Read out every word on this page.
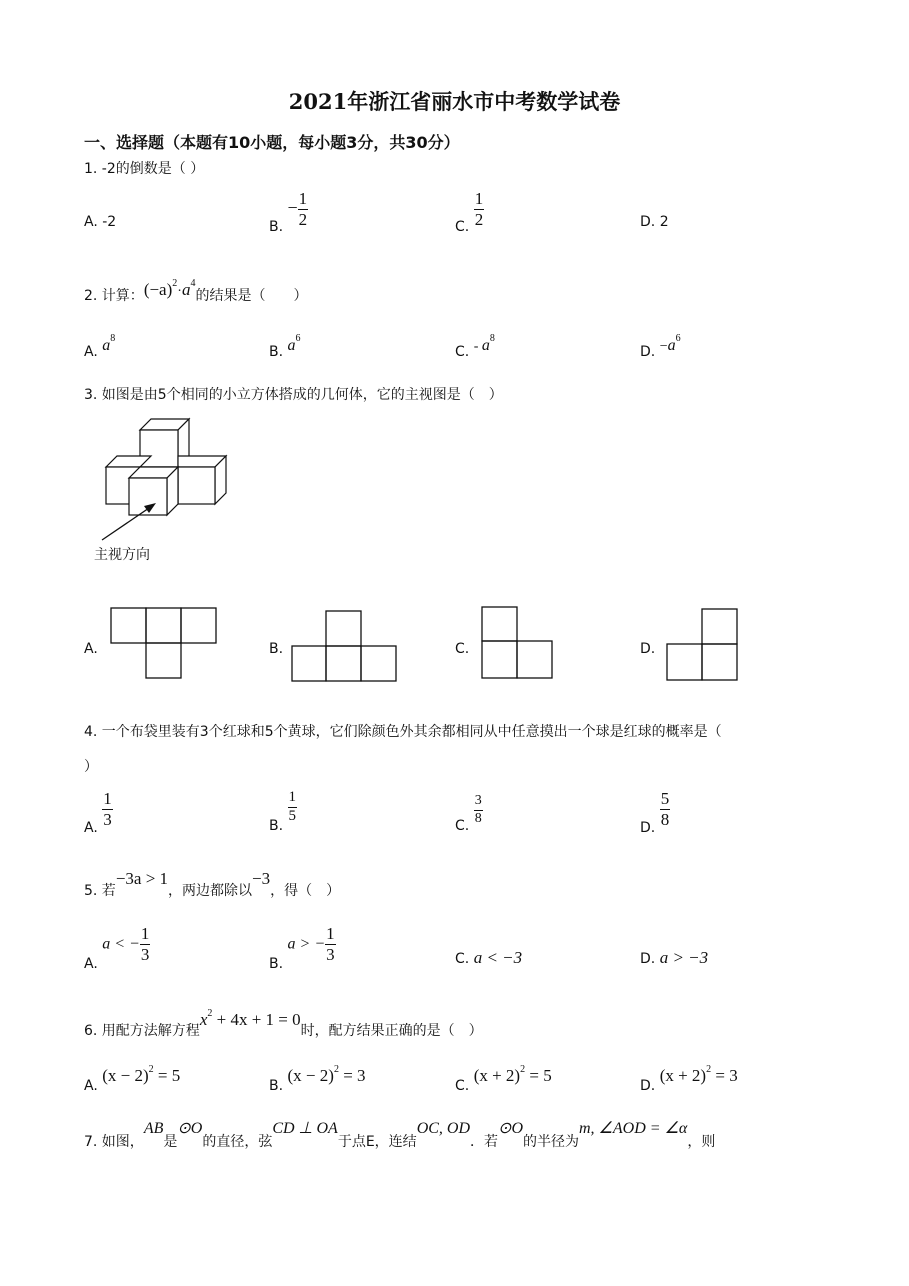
2021年浙江省丽水市中考数学试卷
一、选择题（本题有10小题，每小题3分，共30分）
1. -2的倒数是（ ）
A. -2	B. − $\frac{1}{2}$	C. $\frac{1}{2}$	D. 2
2. 计算：$(-a)^2\cdot a^4$的结果是（　　）
A. $a^8$
B. $a^6$
C. - $a^8$
D. $-a^6$
3. 如图是由5个相同的小立方体搭成的几何体，它的主视图是（　）
主视方向
A.	B.	C.	D.
4. 一个布袋里装有3个红球和5个黄球，它们除颜色外其余都相同从中任意摸出一个球是红球的概率是（
）
A. $\frac{1}{3}$	B.
$\frac{1}{5}$
C. $\frac{3}{8}$
D. $\frac{5}{8}$
5. 若−3a > 1，两边都除以−3，得（　）
A. a < − $\frac{1}{3}$
B. a > − $\frac{1}{3}$	C. a < −3	D. a > −3
6. 用配方法解方程$x^2 + 4x + 1 = 0$时，配方结果正确的是（　）
A. $(x - 2)^2 = 5$
B. $(x - 2)^2 = 3$
C. $(x + 2)^2 = 5$
D. $(x + 2)^2 = 3$
7. 如图，AB是⊙O的直径，弦CD ⊥ OA于点E，连结OC, OD．若⊙O的半径为m, ∠AOD = ∠α，则
